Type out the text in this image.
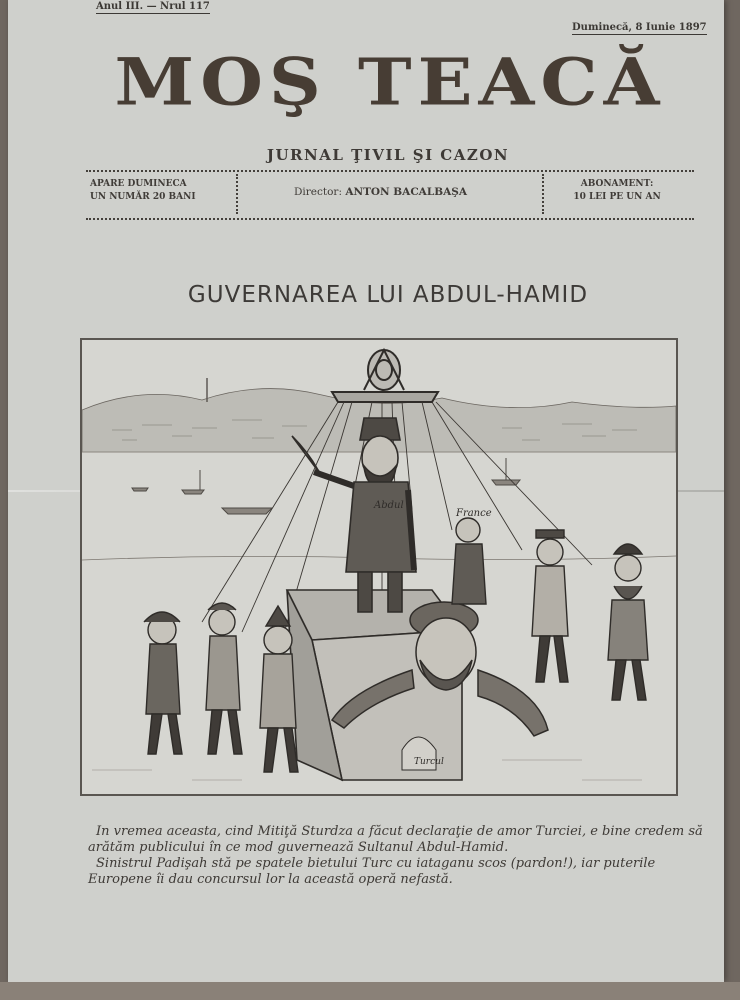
Anul III. — Nrul 117
Duminecă, 8 Iunie 1897
MOŞ TEACĂ
JURNAL ŢIVIL ŞI CAZON
APARE DUMINECA
UN NUMĂR 20 BANI	Director: ANTON BACALBAŞA
ABONAMENT:
10 LEI PE UN AN
GUVERNAREA LUI ABDUL-HAMID
Abdul
France
Turcul

In vremea aceasta, cind Mitiţă Sturdza a făcut declaraţie de amor Turciei, e bine credem să arătăm publicului în ce mod guvernează Sultanul Abdul-Hamid.

Sinistrul Padişah stă pe spatele bietului Turc cu iataganu scos (pardon!), iar puterile Europene îi dau concursul lor la această operă nefastă.
